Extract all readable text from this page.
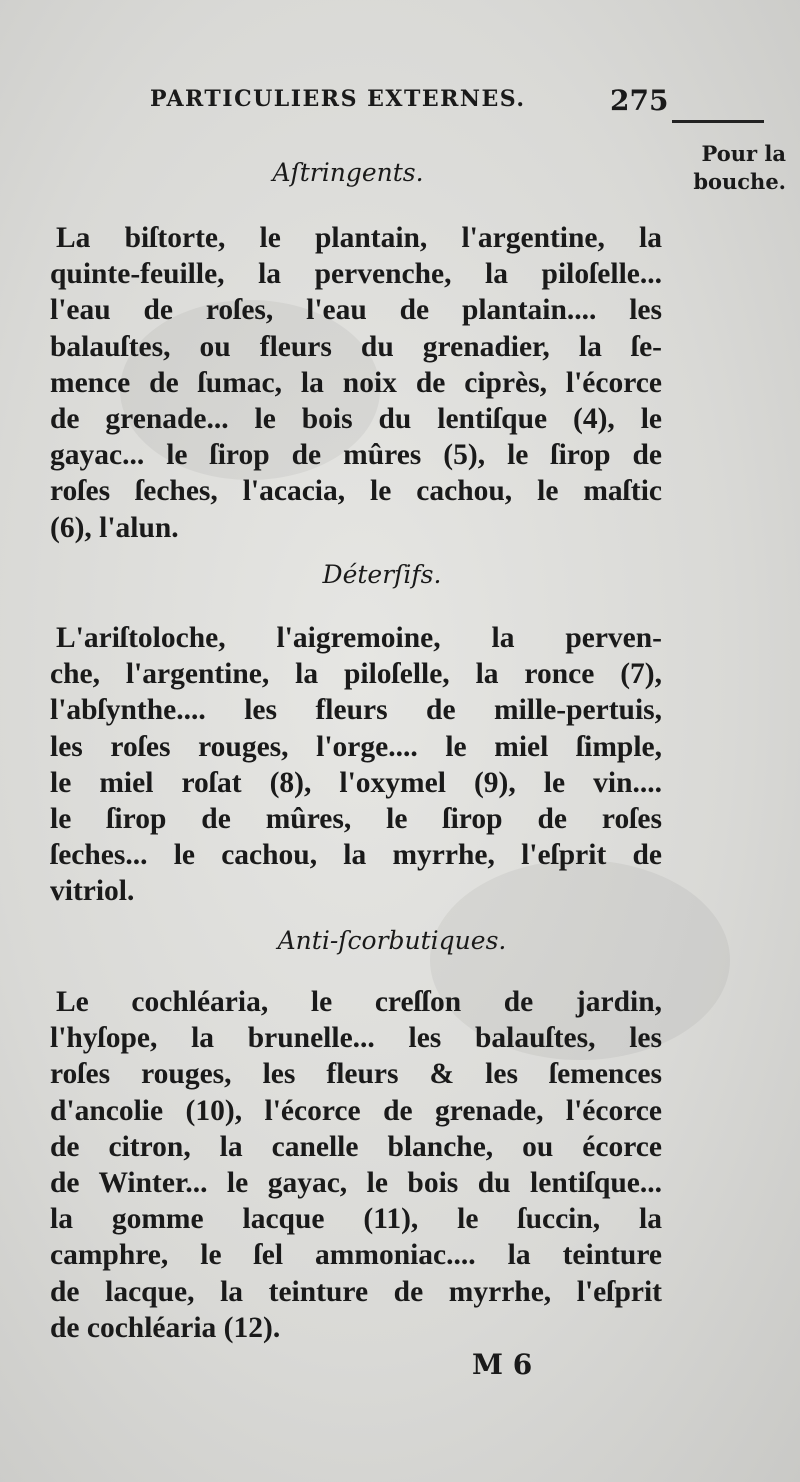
PARTICULIERS EXTERNES.	275
Pour la
bouche.
Aſtringents.
La biſtorte, le plantain, l'argentine, la
quinte-feuille, la pervenche, la piloſelle...
l'eau de roſes, l'eau de plantain.... les
balauſtes, ou fleurs du grenadier, la ſe-
mence de ſumac, la noix de ciprès, l'écorce
de grenade... le bois du lentiſque (4), le
gayac... le ſirop de mûres (5), le ſirop de
roſes ſeches, l'acacia, le cachou, le maſtic
(6), l'alun.
Déterſifs.
L'ariſtoloche, l'aigremoine, la perven-
che, l'argentine, la piloſelle, la ronce (7),
l'abſynthe.... les fleurs de mille-pertuis,
les roſes rouges, l'orge.... le miel ſimple,
le miel roſat (8), l'oxymel (9), le vin....
le ſirop de mûres, le ſirop de roſes
ſeches... le cachou, la myrrhe, l'eſprit de
vitriol.
Anti-ſcorbutiques.
Le cochléaria, le creſſon de jardin,
l'hyſope, la brunelle... les balauſtes, les
roſes rouges, les fleurs & les ſemences
d'ancolie (10), l'écorce de grenade, l'écorce
de citron, la canelle blanche, ou écorce
de Winter... le gayac, le bois du lentiſque...
la gomme lacque (11), le ſuccin, la
camphre, le ſel ammoniac.... la teinture
de lacque, la teinture de myrrhe, l'eſprit
de cochléaria (12).
M 6
